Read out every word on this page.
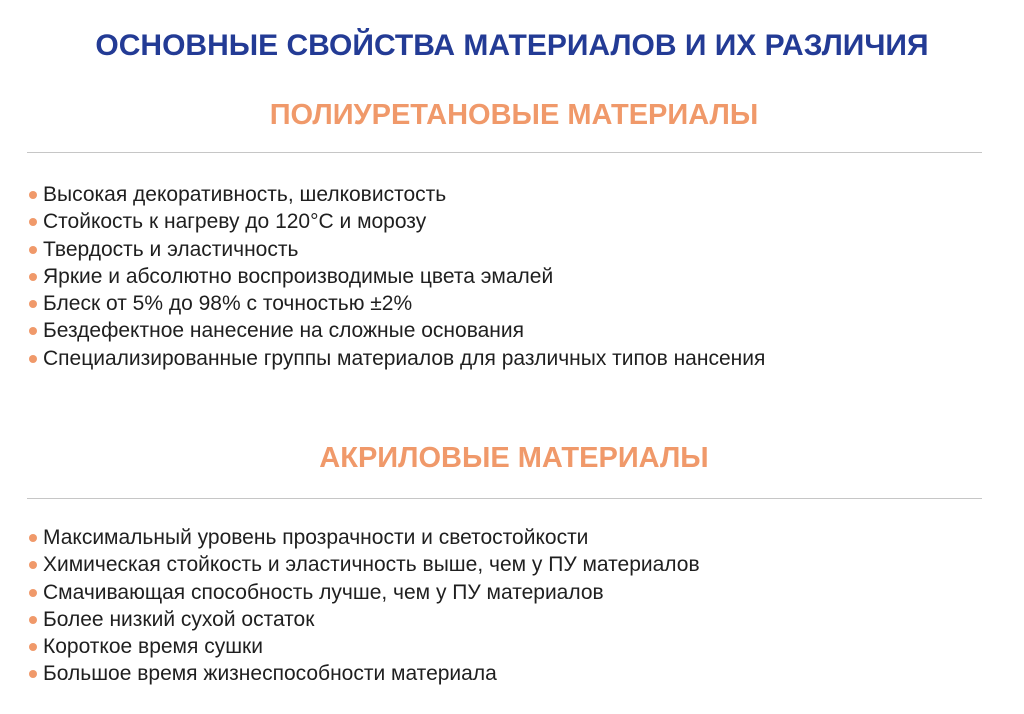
ОСНОВНЫЕ СВОЙСТВА МАТЕРИАЛОВ И ИХ РАЗЛИЧИЯ
ПОЛИУРЕТАНОВЫЕ МАТЕРИАЛЫ
Высокая декоративность, шелковистость
Стойкость к нагреву до 120°С и морозу
Твердость и эластичность
Яркие и абсолютно воспроизводимые цвета эмалей
Блеск от 5% до 98% с точностью ±2%
Бездефектное нанесение на сложные основания
Специализированные группы материалов для различных типов нансения
АКРИЛОВЫЕ МАТЕРИАЛЫ
Максимальный уровень прозрачности и светостойкости
Химическая стойкость и эластичность выше, чем у ПУ материалов
Смачивающая способность лучше, чем у ПУ материалов
Более низкий сухой остаток
Короткое время сушки
Большое время жизнеспособности материала
